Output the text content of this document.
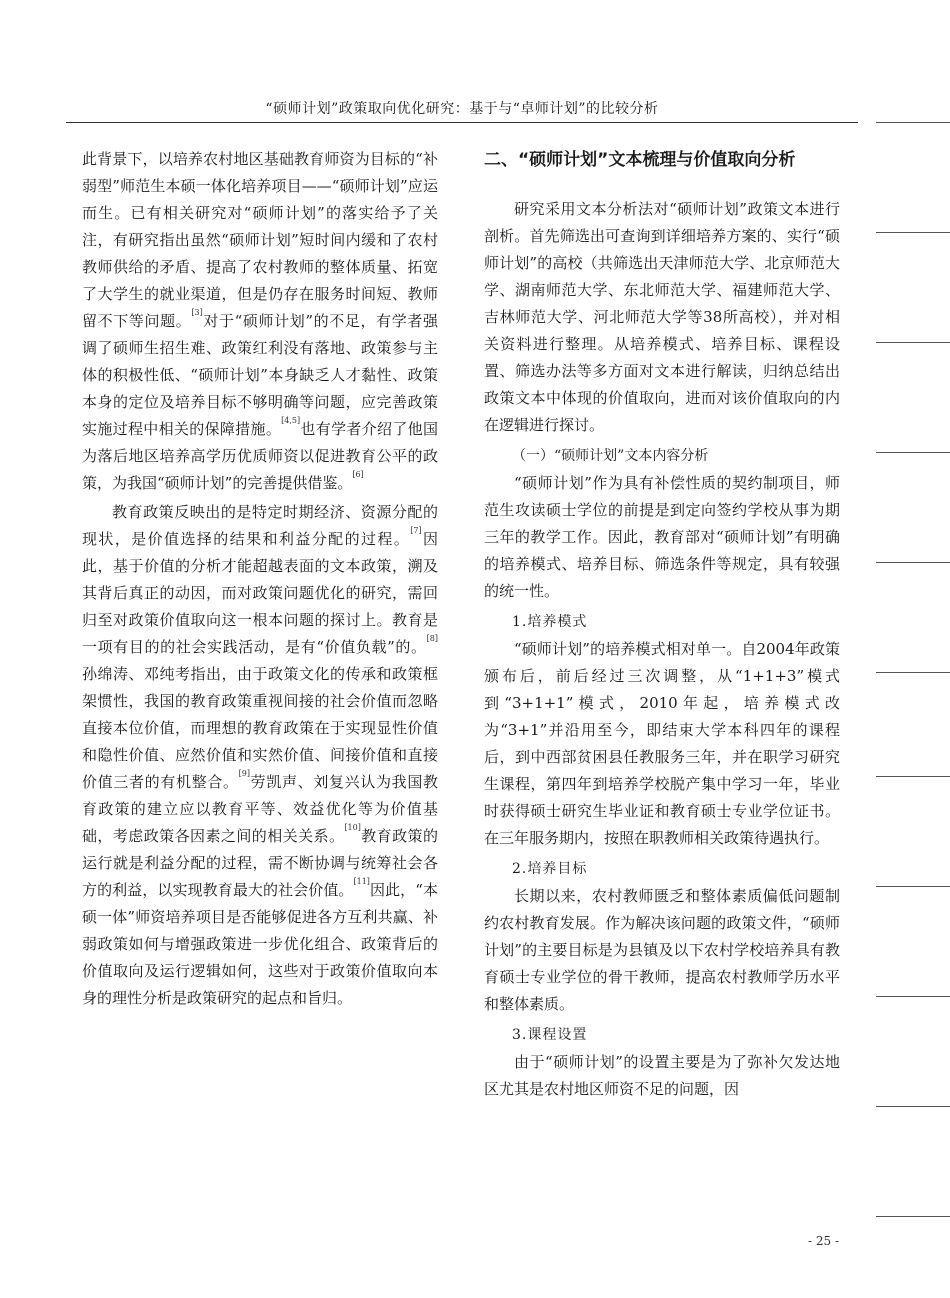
“硕师计划”政策取向优化研究：基于与“卓师计划”的比较分析

此背景下，以培养农村地区基础教育师资为目标的“补弱型”师范生本硕一体化培养项目——“硕师计划”应运而生。已有相关研究对“硕师计划”的落实给予了关注，有研究指出虽然“硕师计划”短时间内缓和了农村教师供给的矛盾、提高了农村教师的整体质量、拓宽了大学生的就业渠道，但是仍存在服务时间短、教师留不下等问题。[3]对于“硕师计划”的不足，有学者强调了硕师生招生难、政策红利没有落地、政策参与主体的积极性低、“硕师计划”本身缺乏人才黏性、政策本身的定位及培养目标不够明确等问题，应完善政策实施过程中相关的保障措施。[4,5]也有学者介绍了他国为落后地区培养高学历优质师资以促进教育公平的政策，为我国“硕师计划”的完善提供借鉴。[6]

教育政策反映出的是特定时期经济、资源分配的现状，是价值选择的结果和利益分配的过程。[7]因此，基于价值的分析才能超越表面的文本政策，溯及其背后真正的动因，而对政策问题优化的研究，需回归至对政策价值取向这一根本问题的探讨上。教育是一项有目的的社会实践活动，是有“价值负载”的。[8]孙绵涛、邓纯考指出，由于政策文化的传承和政策框架惯性，我国的教育政策重视间接的社会价值而忽略直接本位价值，而理想的教育政策在于实现显性价值和隐性价值、应然价值和实然价值、间接价值和直接价值三者的有机整合。[9]劳凯声、刘复兴认为我国教育政策的建立应以教育平等、效益优化等为价值基础，考虑政策各因素之间的相关关系。[10]教育政策的运行就是利益分配的过程，需不断协调与统筹社会各方的利益，以实现教育最大的社会价值。[11]因此，“本硕一体”师资培养项目是否能够促进各方互利共赢、补弱政策如何与增强政策进一步优化组合、政策背后的价值取向及运行逻辑如何，这些对于政策价值取向本身的理性分析是政策研究的起点和旨归。

二、“硕师计划”文本梳理与价值取向分析

研究采用文本分析法对“硕师计划”政策文本进行剖析。首先筛选出可查询到详细培养方案的、实行“硕师计划”的高校（共筛选出天津师范大学、北京师范大学、湖南师范大学、东北师范大学、福建师范大学、吉林师范大学、河北师范大学等38所高校），并对相关资料进行整理。从培养模式、培养目标、课程设置、筛选办法等多方面对文本进行解读，归纳总结出政策文本中体现的价值取向，进而对该价值取向的内在逻辑进行探讨。

（一）“硕师计划”文本内容分析

“硕师计划”作为具有补偿性质的契约制项目，师范生攻读硕士学位的前提是到定向签约学校从事为期三年的教学工作。因此，教育部对“硕师计划”有明确的培养模式、培养目标、筛选条件等规定，具有较强的统一性。

1.培养模式

“硕师计划”的培养模式相对单一。自2004年政策颁布后，前后经过三次调整，从“1+1+3”模式到“3+1+1”模式，2010年起，培养模式改为“3+1”并沿用至今，即结束大学本科四年的课程后，到中西部贫困县任教服务三年，并在职学习研究生课程，第四年到培养学校脱产集中学习一年，毕业时获得硕士研究生毕业证和教育硕士专业学位证书。在三年服务期内，按照在职教师相关政策待遇执行。

2.培养目标

长期以来，农村教师匮乏和整体素质偏低问题制约农村教育发展。作为解决该问题的政策文件，“硕师计划”的主要目标是为县镇及以下农村学校培养具有教育硕士专业学位的骨干教师，提高农村教师学历水平和整体素质。

3.课程设置

由于“硕师计划”的设置主要是为了弥补欠发达地区尤其是农村地区师资不足的问题，因

- 25 -
